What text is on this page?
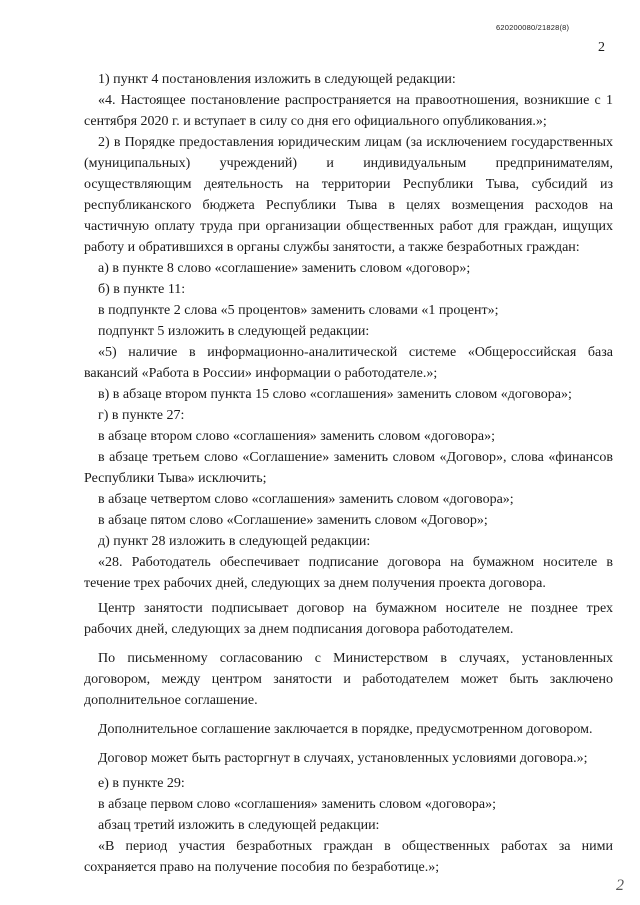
620200080/21828(8)
2

1) пункт 4 постановления изложить в следующей редакции:

«4. Настоящее постановление распространяется на правоотношения, возникшие с 1 сентября 2020 г. и вступает в силу со дня его официального опубликования.»;

2) в Порядке предоставления юридическим лицам (за исключением государственных (муниципальных) учреждений) и индивидуальным предпринимателям, осуществляющим деятельность на территории Республики Тыва, субсидий из республиканского бюджета Республики Тыва в целях возмещения расходов на частичную оплату труда при организации общественных работ для граждан, ищущих работу и обратившихся в органы службы занятости, а также безработных граждан:

а) в пункте 8 слово «соглашение» заменить словом «договор»;

б) в пункте 11:

в подпункте 2 слова «5 процентов» заменить словами «1 процент»;

подпункт 5 изложить в следующей редакции:

«5) наличие в информационно-аналитической системе «Общероссийская база вакансий «Работа в России» информации о работодателе.»;

в) в абзаце втором пункта 15 слово «соглашения» заменить словом «договора»;

г) в пункте 27:

в абзаце втором слово «соглашения» заменить словом «договора»;

в абзаце третьем слово «Соглашение» заменить словом «Договор», слова «финансов Республики Тыва» исключить;

в абзаце четвертом слово «соглашения» заменить словом «договора»;

в абзаце пятом слово «Соглашение» заменить словом «Договор»;

д) пункт 28 изложить в следующей редакции:

«28. Работодатель обеспечивает подписание договора на бумажном носителе в течение трех рабочих дней, следующих за днем получения проекта договора.

Центр занятости подписывает договор на бумажном носителе не позднее трех рабочих дней, следующих за днем подписания договора работодателем.

По письменному согласованию с Министерством в случаях, установленных договором, между центром занятости и работодателем может быть заключено дополнительное соглашение.

Дополнительное соглашение заключается в порядке, предусмотренном договором.

Договор может быть расторгнут в случаях, установленных условиями договора.»;

е) в пункте 29:

в абзаце первом слово «соглашения» заменить словом «договора»;

абзац третий изложить в следующей редакции:

«В период участия безработных граждан в общественных работах за ними сохраняется право на получение пособия по безработице.»;

2
